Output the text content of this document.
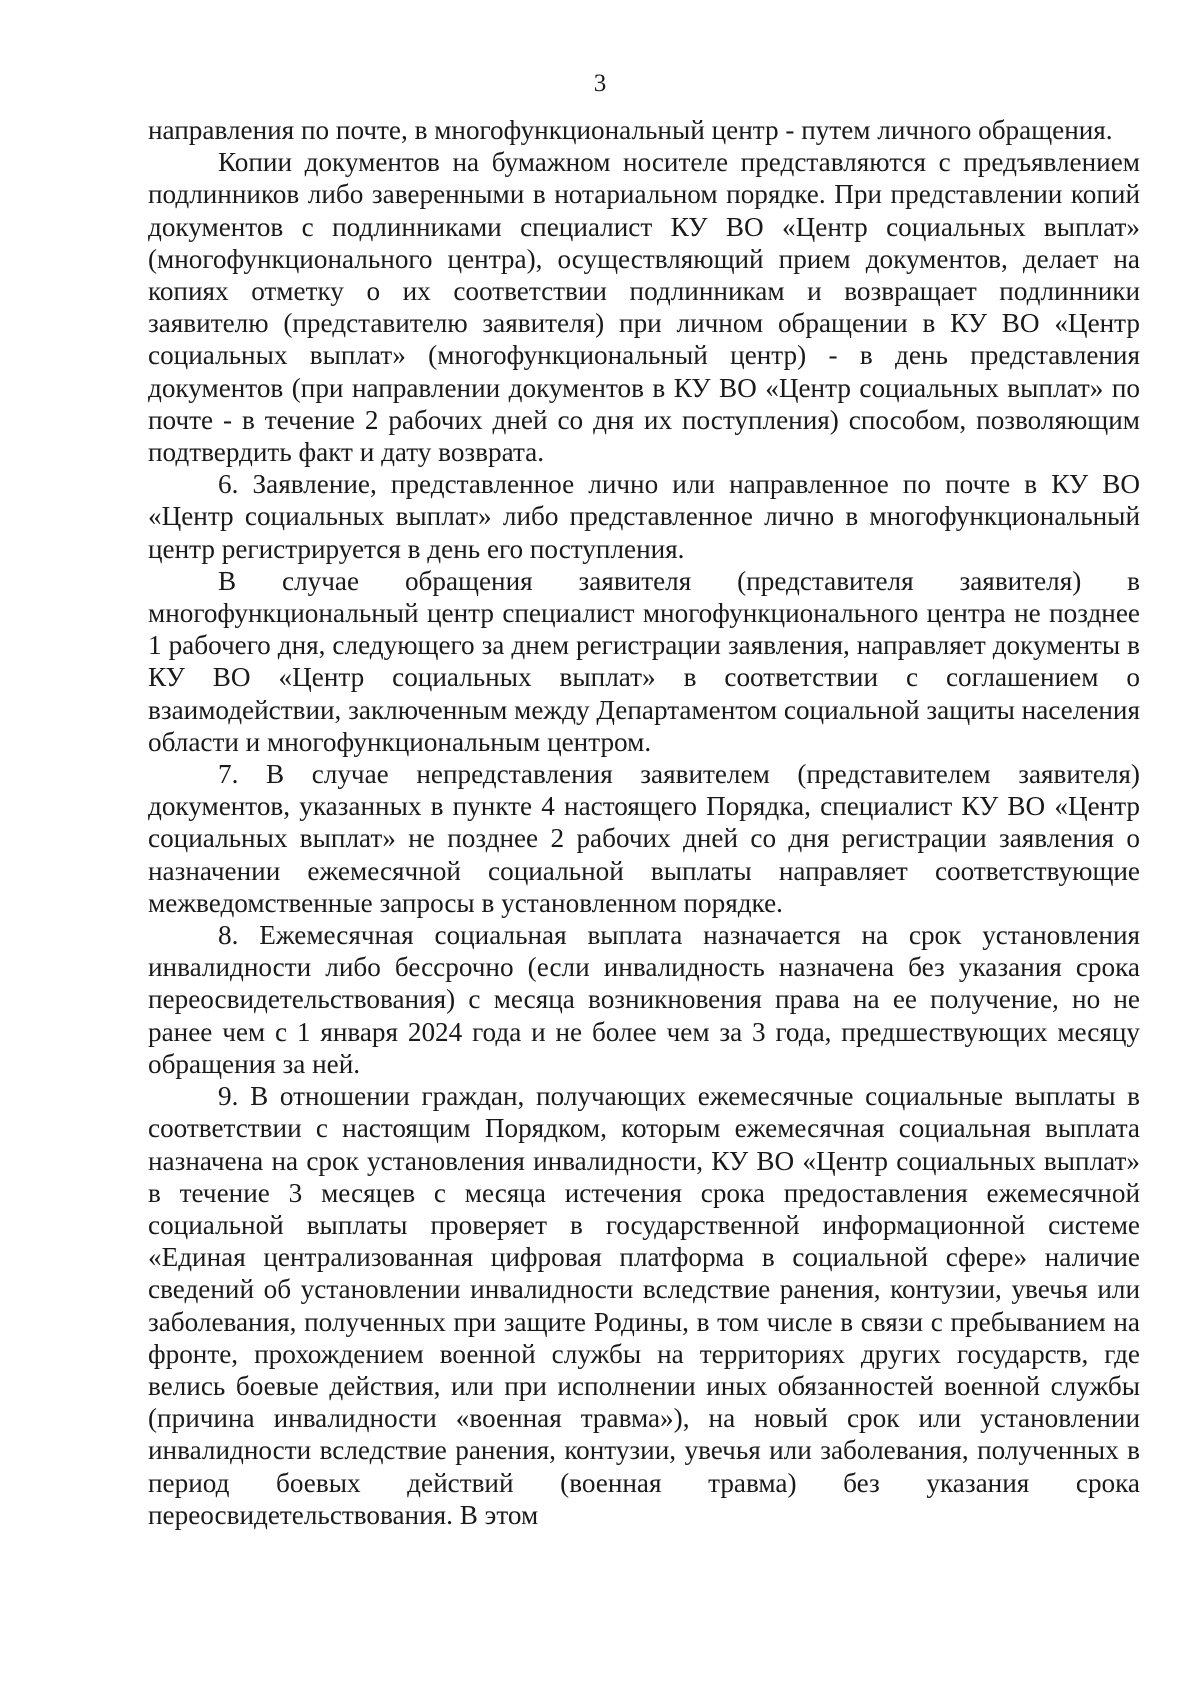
3

направления по почте, в многофункциональный центр - путем личного обращения.

Копии документов на бумажном носителе представляются с предъявлением подлинников либо заверенными в нотариальном порядке. При представлении копий документов с подлинниками специалист КУ ВО «Центр социальных выплат» (многофункционального центра), осуществляющий прием документов, делает на копиях отметку о их соответствии подлинникам и возвращает подлинники заявителю (представителю заявителя) при личном обращении в КУ ВО «Центр социальных выплат» (многофункциональный центр) - в день представления документов (при направлении документов в КУ ВО «Центр социальных выплат» по почте - в течение 2 рабочих дней со дня их поступления) способом, позволяющим подтвердить факт и дату возврата.

6. Заявление, представленное лично или направленное по почте в КУ ВО «Центр социальных выплат» либо представленное лично в многофункциональный центр регистрируется в день его поступления.

В случае обращения заявителя (представителя заявителя) в многофункциональный центр специалист многофункционального центра не позднее 1 рабочего дня, следующего за днем регистрации заявления, направляет документы в КУ ВО «Центр социальных выплат» в соответствии с соглашением о взаимодействии, заключенным между Департаментом социальной защиты населения области и многофункциональным центром.

7. В случае непредставления заявителем (представителем заявителя) документов, указанных в пункте 4 настоящего Порядка, специалист КУ ВО «Центр социальных выплат» не позднее 2 рабочих дней со дня регистрации заявления о назначении ежемесячной социальной выплаты направляет соответствующие межведомственные запросы в установленном порядке.

8. Ежемесячная социальная выплата назначается на срок установления инвалидности либо бессрочно (если инвалидность назначена без указания срока переосвидетельствования) с месяца возникновения права на ее получение, но не ранее чем с 1 января 2024 года и не более чем за 3 года, предшествующих месяцу обращения за ней.

9. В отношении граждан, получающих ежемесячные социальные выплаты в соответствии с настоящим Порядком, которым ежемесячная социальная выплата назначена на срок установления инвалидности, КУ ВО «Центр социальных выплат» в течение 3 месяцев с месяца истечения срока предоставления ежемесячной социальной выплаты проверяет в государственной информационной системе «Единая централизованная цифровая платформа в социальной сфере» наличие сведений об установлении инвалидности вследствие ранения, контузии, увечья или заболевания, полученных при защите Родины, в том числе в связи с пребыванием на фронте, прохождением военной службы на территориях других государств, где велись боевые действия, или при исполнении иных обязанностей военной службы (причина инвалидности «военная травма»), на новый срок или установлении инвалидности вследствие ранения, контузии, увечья или заболевания, полученных в период боевых действий (военная травма) без указания срока переосвидетельствования. В этом
